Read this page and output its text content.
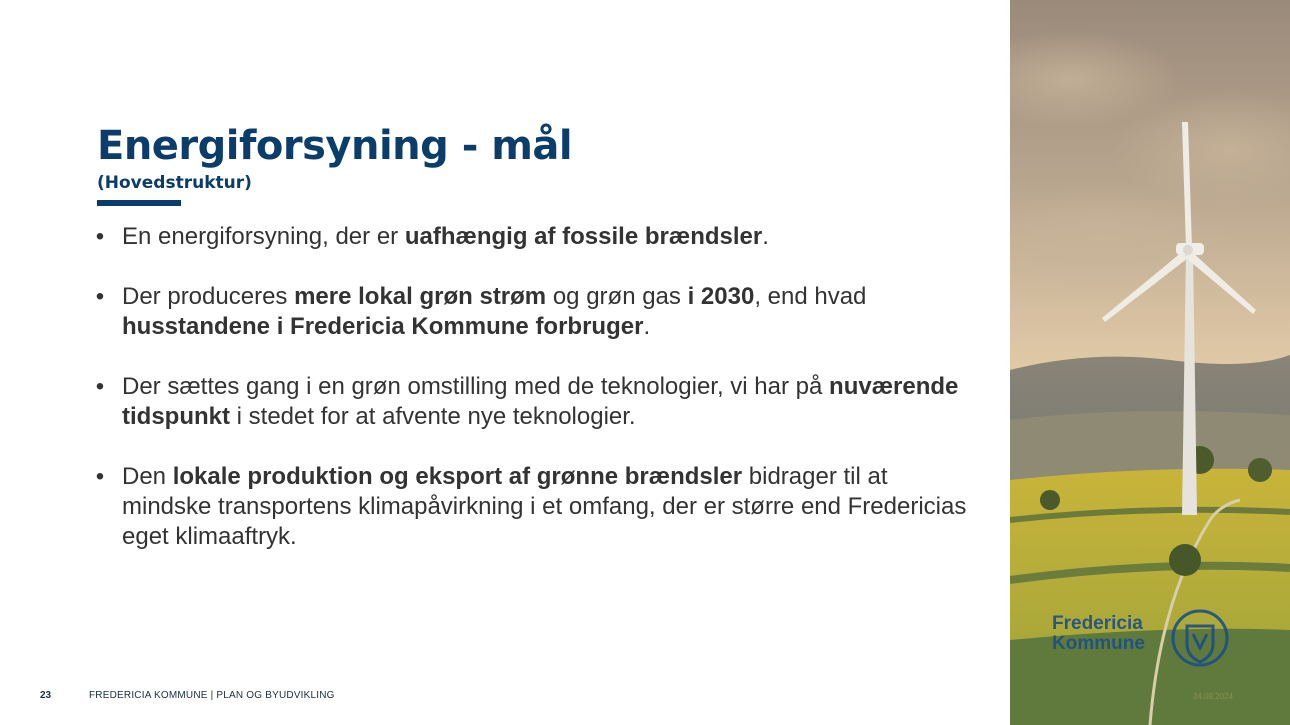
Energiforsyning - mål

(Hovedstruktur)

• En energiforsyning, der er uafhængig af fossile brændsler.
• Der produceres mere lokal grøn strøm og grøn gas i 2030, end hvad husstandene i Fredericia Kommune forbruger.
• Der sættes gang i en grøn omstilling med de teknologier, vi har på nuværende tidspunkt i stedet for at afvente nye teknologier.
• Den lokale produktion og eksport af grønne brændsler bidrager til at mindske transportens klimapåvirkning i et omfang, der er større end Fredericias eget klimaaftryk.
23	FREDERICIA KOMMUNE | PLAN OG BYUDVIKLING

Fredericia
Kommune

24.09.2024
